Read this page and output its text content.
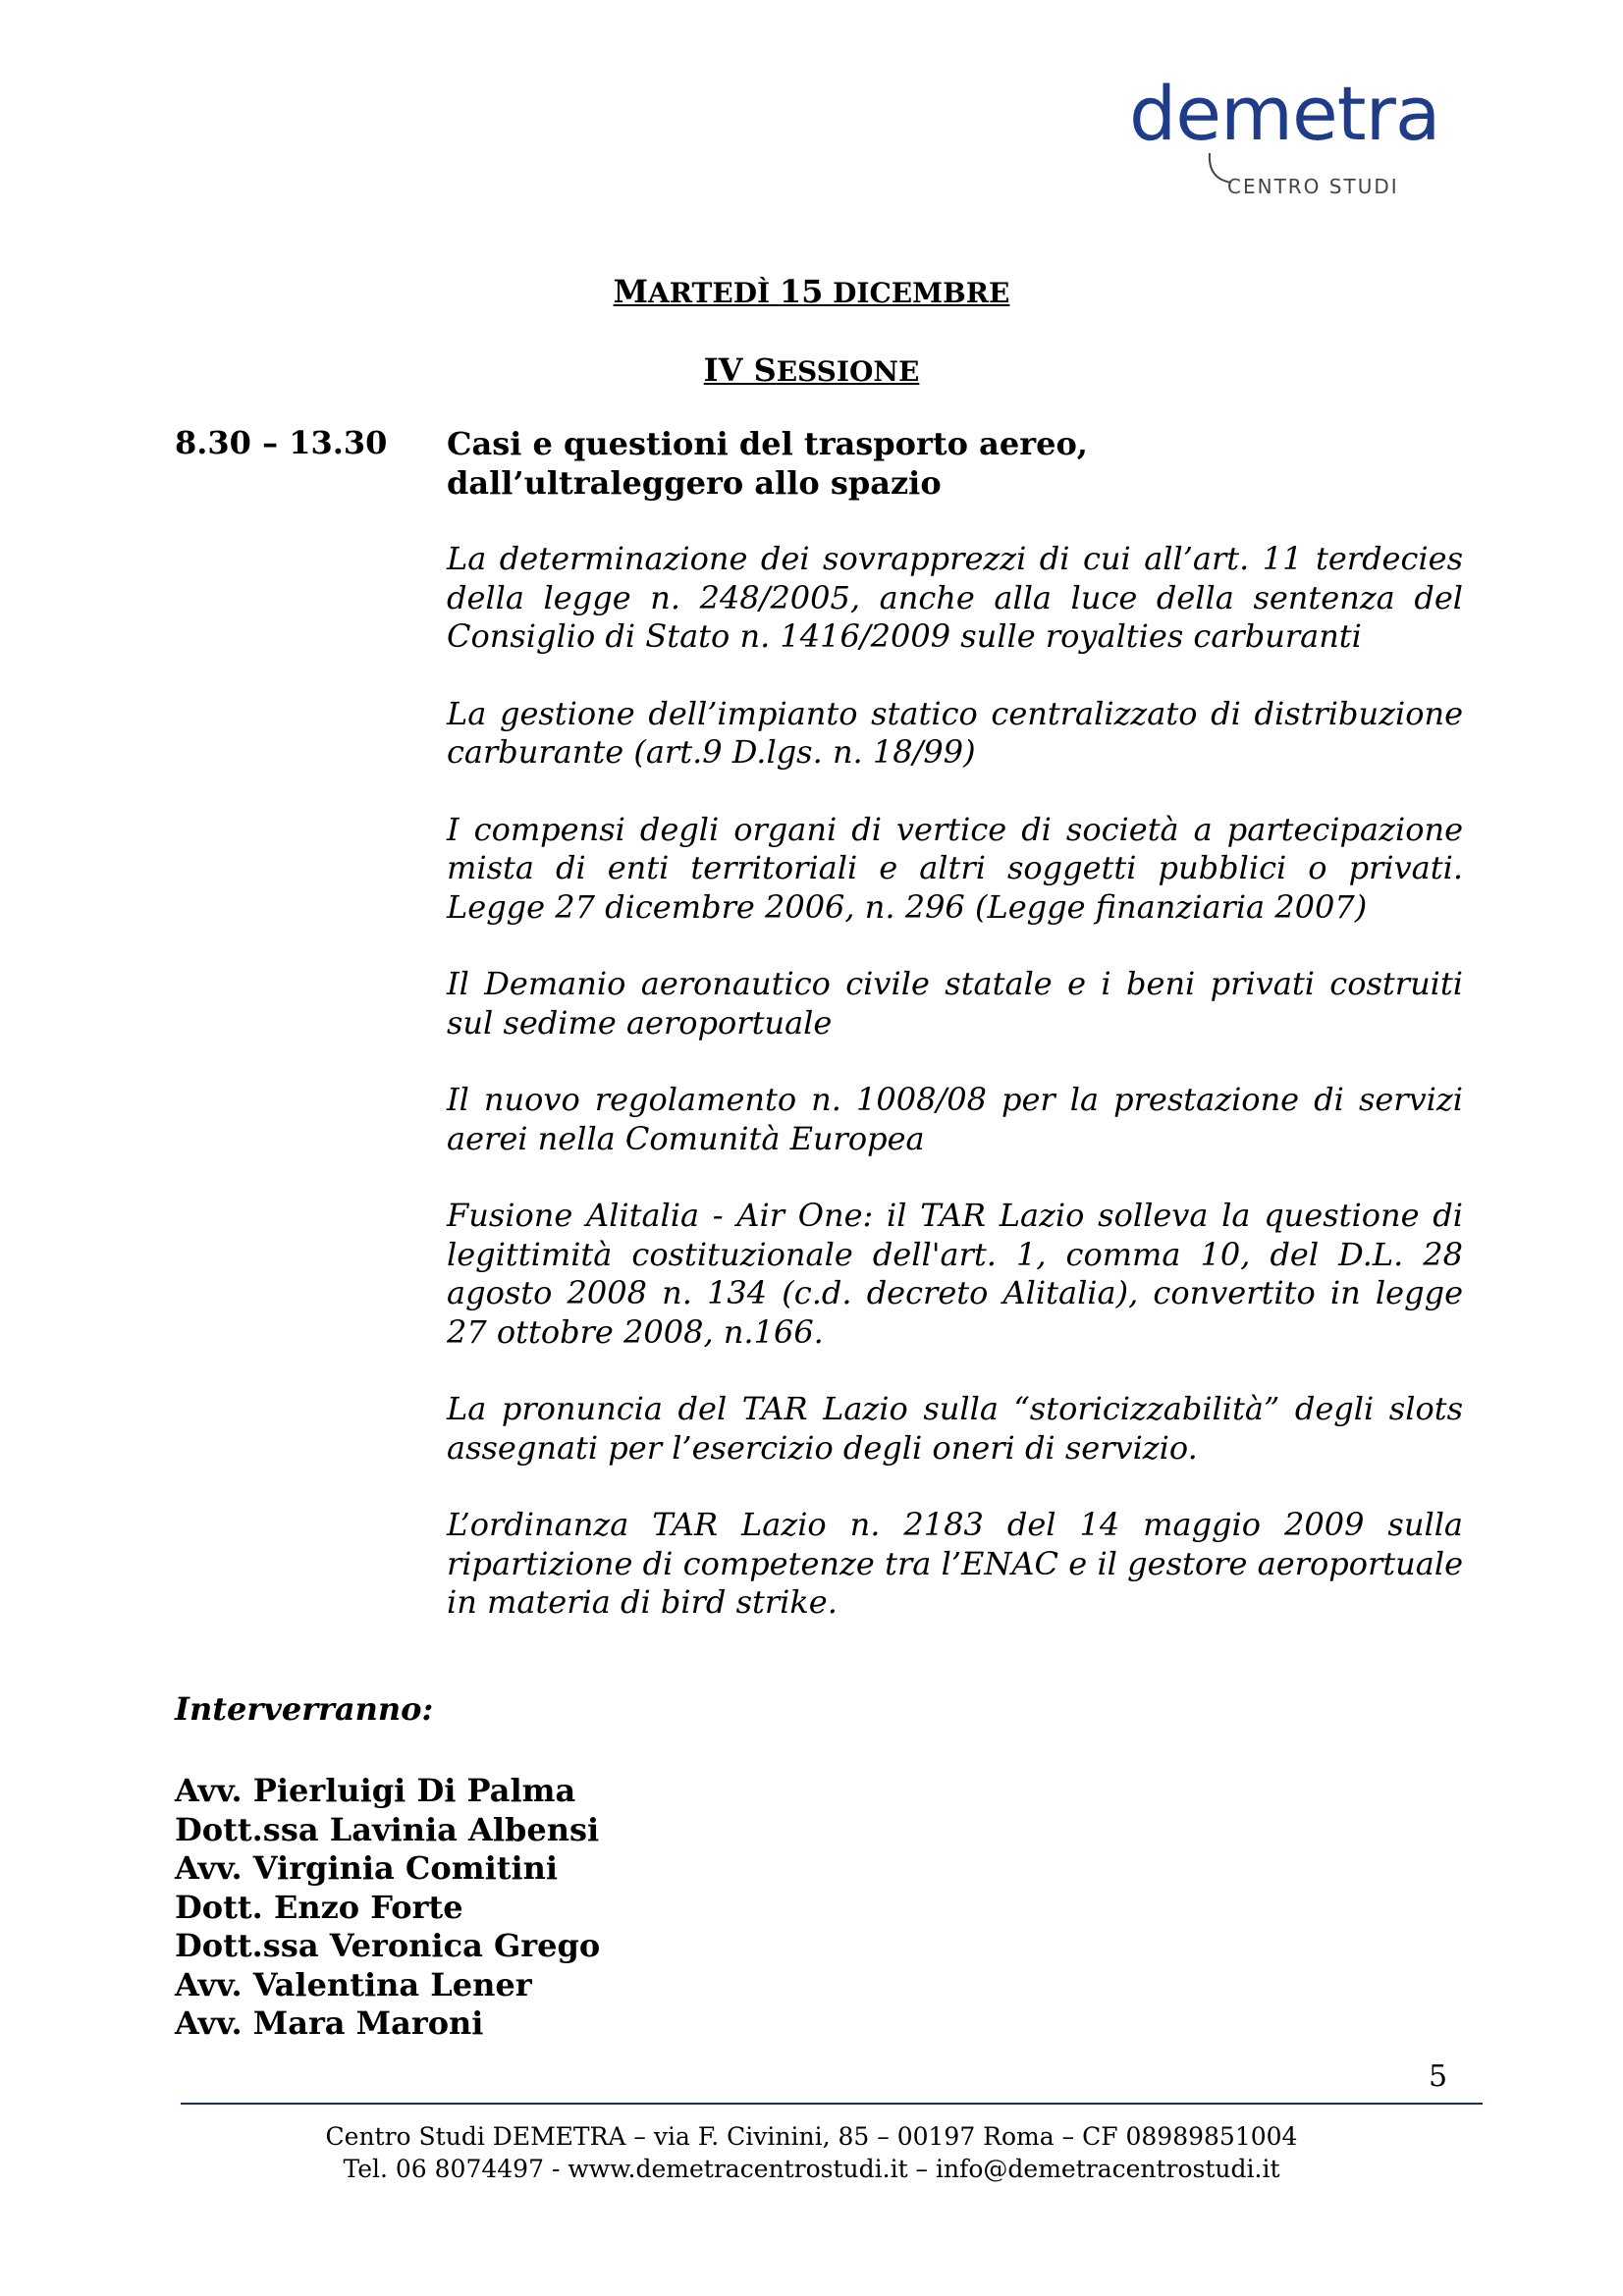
demetra
CENTRO STUDI
MARTEDÌ 15 DICEMBRE
IV SESSIONE
8.30 – 13.30 Casi e questioni del trasporto aereo,
dall’ultraleggero allo spazio

La determinazione dei sovrapprezzi di cui all’art. 11 terdecies della legge n. 248/2005, anche alla luce della sentenza del Consiglio di Stato n. 1416/2009 sulle royalties carburanti

La gestione dell’impianto statico centralizzato di distribuzione carburante (art.9 D.lgs. n. 18/99)

I compensi degli organi di vertice di società a partecipazione mista di enti territoriali e altri soggetti pubblici o privati. Legge 27 dicembre 2006, n. 296 (Legge finanziaria 2007)

Il Demanio aeronautico civile statale e i beni privati costruiti sul sedime aeroportuale

Il nuovo regolamento n. 1008/08 per la prestazione di servizi aerei nella Comunità Europea

Fusione Alitalia - Air One: il TAR Lazio solleva la questione di legittimità costituzionale dell'art. 1, comma 10, del D.L. 28 agosto 2008 n. 134 (c.d. decreto Alitalia), convertito in legge 27 ottobre 2008, n.166.

La pronuncia del TAR Lazio sulla “storicizzabilità” degli slots assegnati per l’esercizio degli oneri di servizio.

L’ordinanza TAR Lazio n. 2183 del 14 maggio 2009 sulla ripartizione di competenze tra l’ENAC e il gestore aeroportuale in materia di bird strike.

Interverranno:
Avv. Pierluigi Di Palma
Dott.ssa Lavinia Albensi
Avv. Virginia Comitini
Dott. Enzo Forte
Dott.ssa Veronica Grego
Avv. Valentina Lener
Avv. Mara Maroni
5
Centro Studi DEMETRA – via F. Civinini, 85 – 00197 Roma – CF 08989851004
Tel. 06 8074497 - www.demetracentrostudi.it – info@demetracentrostudi.it
